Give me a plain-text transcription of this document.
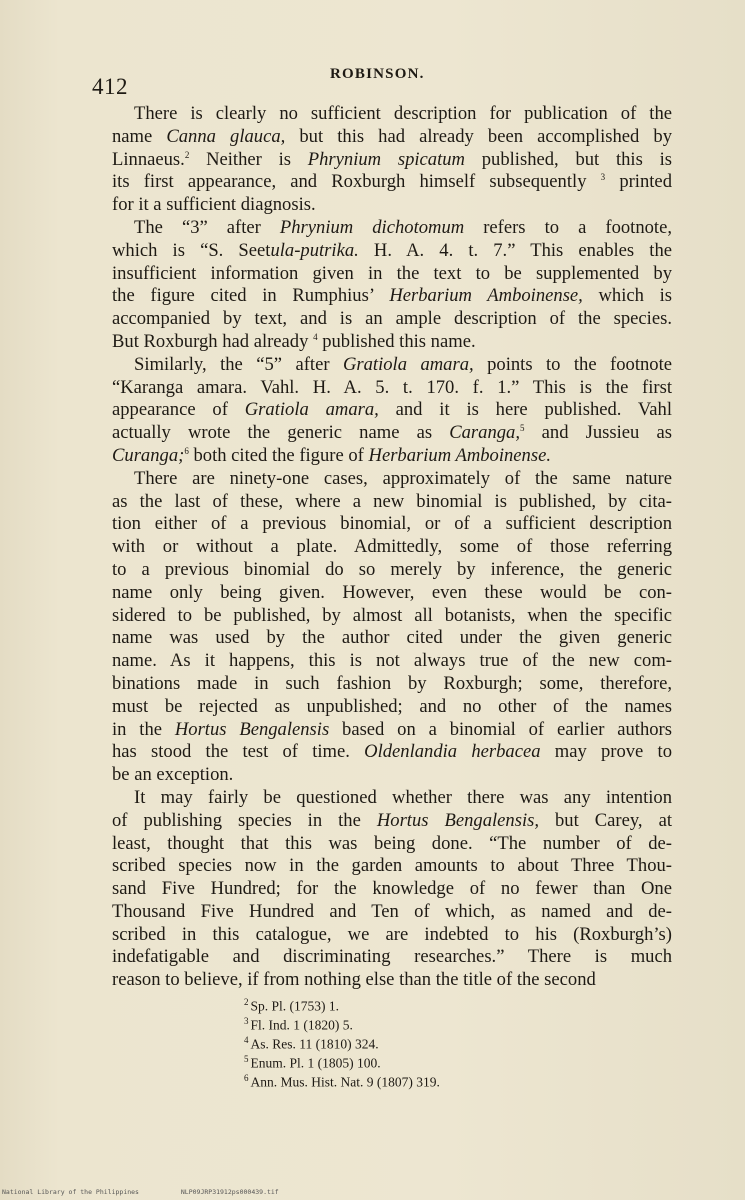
412	ROBINSON.
There is clearly no sufficient description for publication of the
name Canna glauca, but this had already been accomplished by
Linnaeus.$^2$ Neither is Phrynium spicatum published, but this is
its first appearance, and Roxburgh himself subsequently $^3$ printed
for it a sufficient diagnosis.
The “3” after Phrynium dichotomum refers to a footnote,
which is “S. Seetula-putrika. H. A. 4. t. 7.” This enables the
insufficient information given in the text to be supplemented by
the figure cited in Rumphius’ Herbarium Amboinense, which is
accompanied by text, and is an ample description of the species.
But Roxburgh had already $^4$ published this name.
Similarly, the “5” after Gratiola amara, points to the footnote
“Karanga amara. Vahl. H. A. 5. t. 170. f. 1.” This is the first
appearance of Gratiola amara, and it is here published. Vahl
actually wrote the generic name as Caranga,$^5$ and Jussieu as
Curanga;$^6$ both cited the figure of Herbarium Amboinense.
There are ninety-one cases, approximately of the same nature
as the last of these, where a new binomial is published, by cita-
tion either of a previous binomial, or of a sufficient description
with or without a plate. Admittedly, some of those referring
to a previous binomial do so merely by inference, the generic
name only being given. However, even these would be con-
sidered to be published, by almost all botanists, when the specific
name was used by the author cited under the given generic
name. As it happens, this is not always true of the new com-
binations made in such fashion by Roxburgh; some, therefore,
must be rejected as unpublished; and no other of the names
in the Hortus Bengalensis based on a binomial of earlier authors
has stood the test of time. Oldenlandia herbacea may prove to
be an exception.
It may fairly be questioned whether there was any intention
of publishing species in the Hortus Bengalensis, but Carey, at
least, thought that this was being done. “The number of de-
scribed species now in the garden amounts to about Three Thou-
sand Five Hundred; for the knowledge of no fewer than One
Thousand Five Hundred and Ten of which, as named and de-
scribed in this catalogue, we are indebted to his (Roxburgh’s)
indefatigable and discriminating researches.” There is much
reason to believe, if from nothing else than the title of the second
$^2$ Sp. Pl. (1753) 1.
$^3$ Fl. Ind. 1 (1820) 5.
$^4$ As. Res. 11 (1810) 324.
$^5$ Enum. Pl. 1 (1805) 100.
$^6$ Ann. Mus. Hist. Nat. 9 (1807) 319.
National Library of the Philippines	NLP09JRP31912ps000439.tif
